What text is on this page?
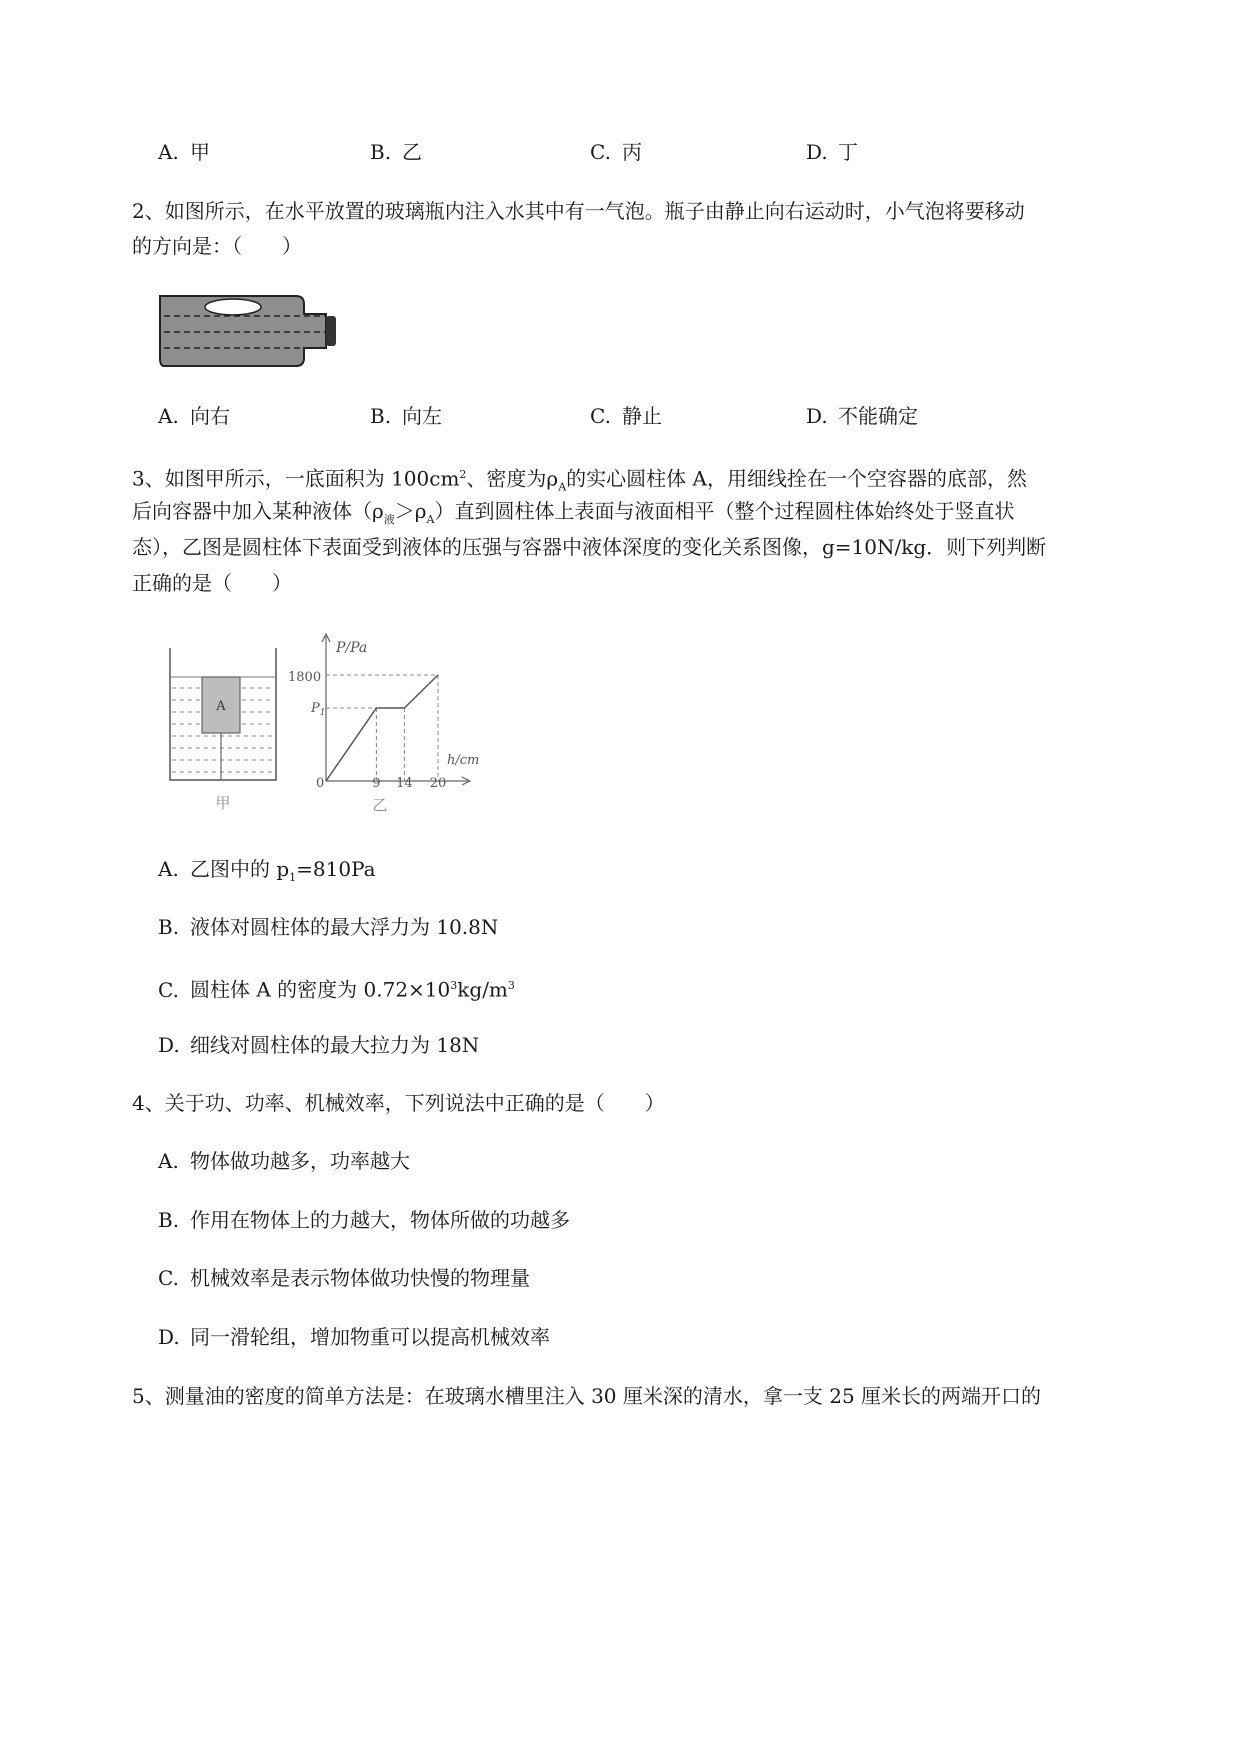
A. 甲	B. 乙	C. 丙	D. 丁
2、如图所示，在水平放置的玻璃瓶内注入水其中有一气泡。瓶子由静止向右运动时，小气泡将要移动
的方向是：（　　）
A. 向右	B. 向左	C. 静止	D. 不能确定
3、如图甲所示，一底面积为 $100cm^2$、密度为$\rho_A$的实心圆柱体 A，用细线拴在一个空容器的底部，然
后向容器中加入某种液体$(\rho_液>\rho_A)$直到圆柱体上表面与液面相平（整个过程圆柱体始终处于竖直状
态），乙图是圆柱体下表面受到液体的压强与容器中液体深度的变化关系图像，g=10N/kg．则下列判断
正确的是（　　）
A
甲
P/Pa
h/cm
1800
$P_1$
0	9 14 20
乙
A. 乙图中的 $p_1=810Pa$
B. 液体对圆柱体的最大浮力为 10.8N
C. 圆柱体 A 的密度为 $0.72\times 10^3kg/m^3$
D. 细线对圆柱体的最大拉力为 18N
4、关于功、功率、机械效率，下列说法中正确的是（　　）
A. 物体做功越多，功率越大
B. 作用在物体上的力越大，物体所做的功越多
C. 机械效率是表示物体做功快慢的物理量
D. 同一滑轮组，增加物重可以提高机械效率
5、测量油的密度的简单方法是：在玻璃水槽里注入 30 厘米深的清水，拿一支 25 厘米长的两端开口的
